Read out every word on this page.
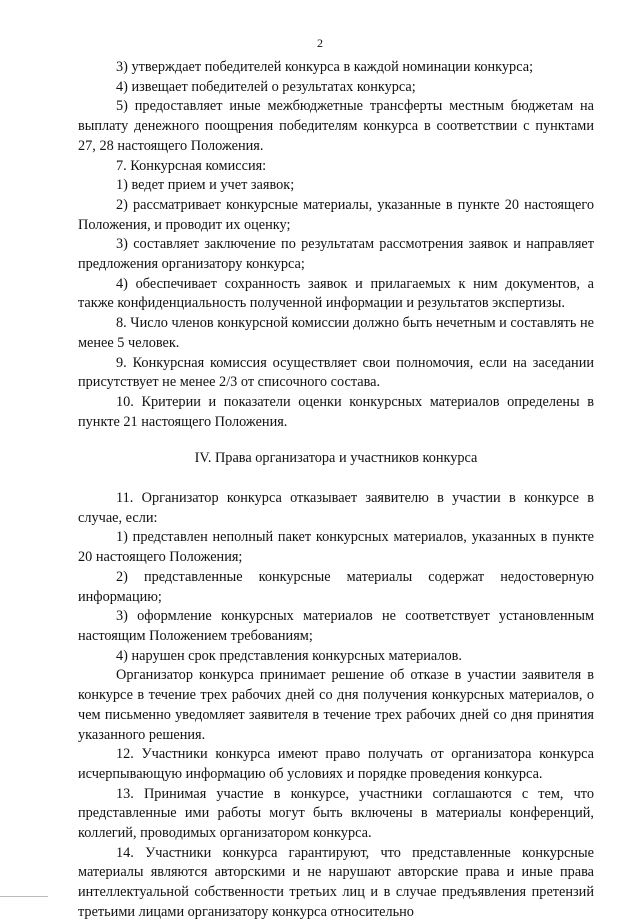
2

3) утверждает победителей конкурса в каждой номинации конкурса;

4) извещает победителей о результатах конкурса;

5) предоставляет иные межбюджетные трансферты местным бюджетам на выплату денежного поощрения победителям конкурса в соответствии с пунктами 27, 28 настоящего Положения.

7. Конкурсная комиссия:

1) ведет прием и учет заявок;

2) рассматривает конкурсные материалы, указанные в пункте 20 настоящего Положения, и проводит их оценку;

3) составляет заключение по результатам рассмотрения заявок и направляет предложения организатору конкурса;

4) обеспечивает сохранность заявок и прилагаемых к ним документов, а также конфиденциальность полученной информации и результатов экспертизы.

8. Число членов конкурсной комиссии должно быть нечетным и составлять не менее 5 человек.

9. Конкурсная комиссия осуществляет свои полномочия, если на заседании присутствует не менее 2/3 от списочного состава.

10. Критерии и показатели оценки конкурсных материалов определены в пункте 21 настоящего Положения.

IV. Права организатора и участников конкурса

11. Организатор конкурса отказывает заявителю в участии в конкурсе в случае, если:

1) представлен неполный пакет конкурсных материалов, указанных в пункте 20 настоящего Положения;

2) представленные конкурсные материалы содержат недостоверную информацию;

3) оформление конкурсных материалов не соответствует установленным настоящим Положением требованиям;

4) нарушен срок представления конкурсных материалов.

Организатор конкурса принимает решение об отказе в участии заявителя в конкурсе в течение трех рабочих дней со дня получения конкурсных материалов, о чем письменно уведомляет заявителя в течение трех рабочих дней со дня принятия указанного решения.

12. Участники конкурса имеют право получать от организатора конкурса исчерпывающую информацию об условиях и порядке проведения конкурса.

13. Принимая участие в конкурсе, участники соглашаются с тем, что представленные ими работы могут быть включены в материалы конференций, коллегий, проводимых организатором конкурса.

14. Участники конкурса гарантируют, что представленные конкурсные материалы являются авторскими и не нарушают авторские права и иные права интеллектуальной собственности третьих лиц и в случае предъявления претензий третьими лицами организатору конкурса относительно
